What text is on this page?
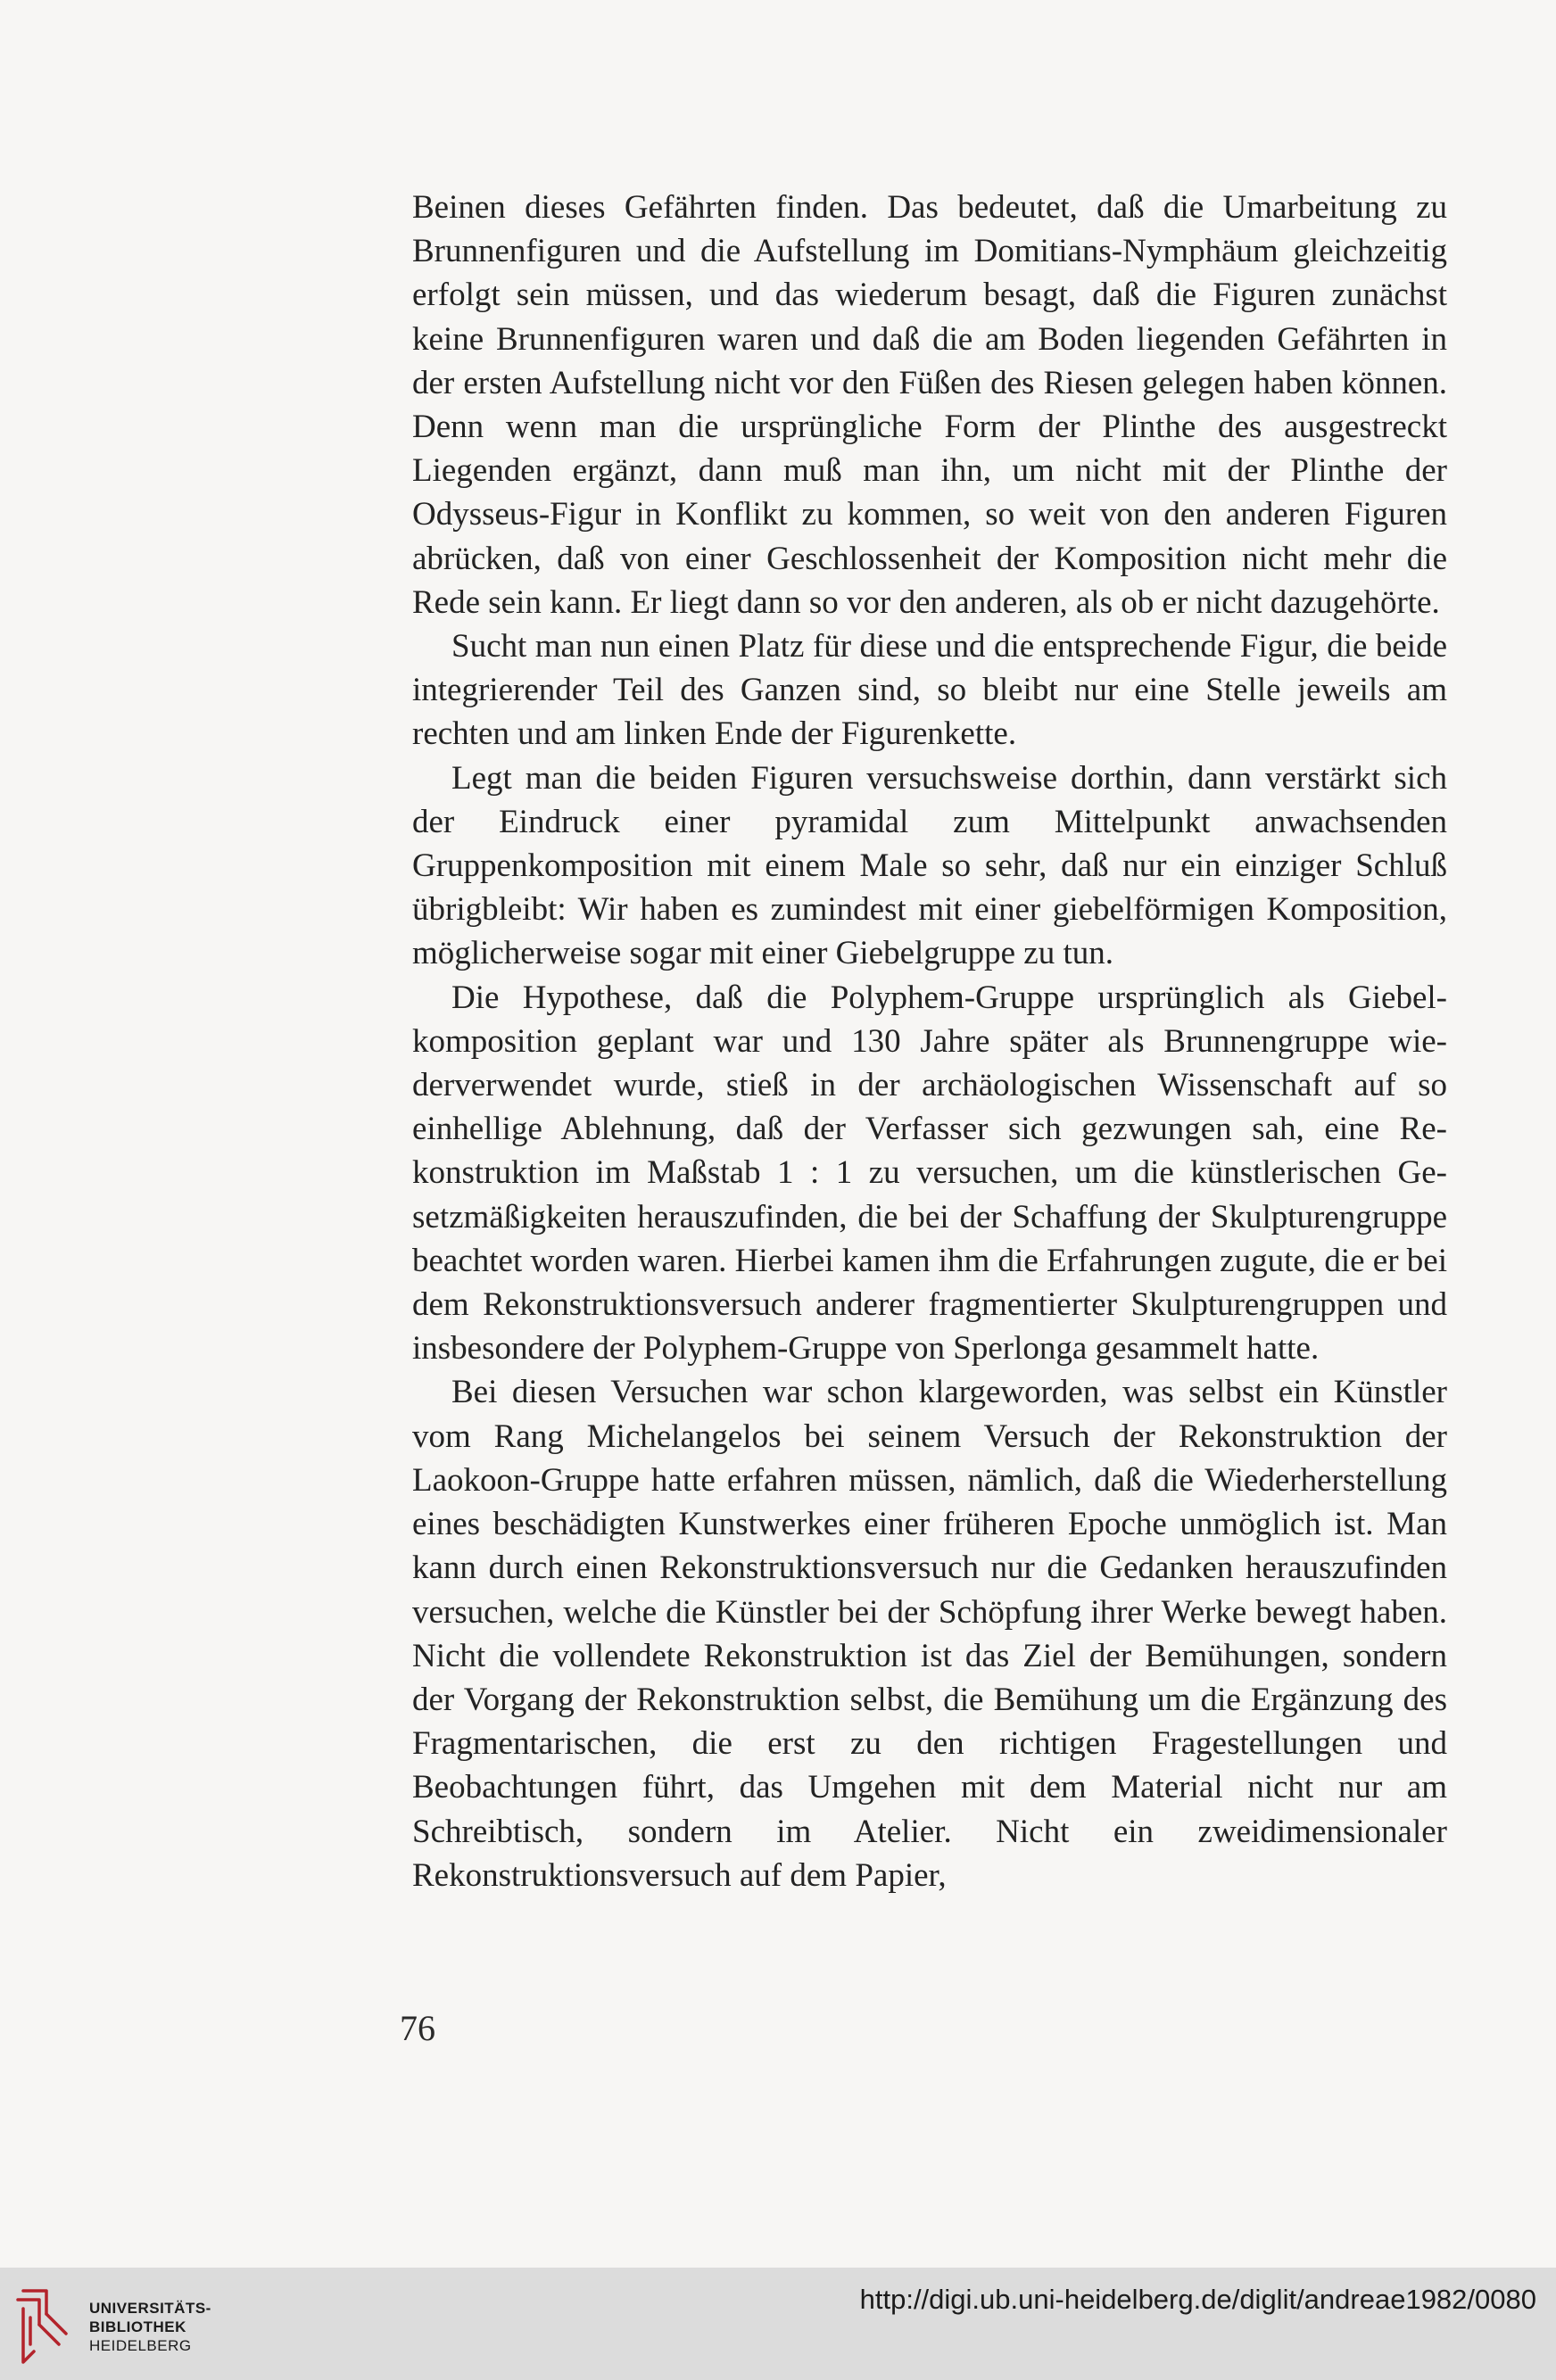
Beinen dieses Gefährten finden. Das bedeutet, daß die Umarbeitung zu Brunnenfiguren und die Aufstellung im Domitians-Nymphäum gleichzeitig erfolgt sein müssen, und das wiederum besagt, daß die Figuren zunächst keine Brunnenfiguren waren und daß die am Boden liegenden Gefährten in der ersten Aufstellung nicht vor den Füßen des Riesen gelegen haben können. Denn wenn man die ursprüngliche Form der Plinthe des ausgestreckt Liegenden ergänzt, dann muß man ihn, um nicht mit der Plinthe der Odysseus-Figur in Konflikt zu kommen, so weit von den anderen Figuren abrücken, daß von einer Geschlossenheit der Komposition nicht mehr die Rede sein kann. Er liegt dann so vor den anderen, als ob er nicht dazugehörte.

Sucht man nun einen Platz für diese und die entsprechende Figur, die beide integrierender Teil des Ganzen sind, so bleibt nur eine Stelle jeweils am rechten und am linken Ende der Figurenkette.

Legt man die beiden Figuren versuchsweise dorthin, dann verstärkt sich der Eindruck einer pyramidal zum Mittelpunkt anwachsenden Gruppenkomposition mit einem Male so sehr, daß nur ein einziger Schluß übrigbleibt: Wir haben es zumindest mit einer giebelförmigen Komposition, möglicherweise sogar mit einer Giebelgruppe zu tun.

Die Hypothese, daß die Polyphem-Gruppe ursprünglich als Giebelkomposition geplant war und 130 Jahre später als Brunnengruppe wiederverwendet wurde, stieß in der archäologischen Wissenschaft auf so einhellige Ablehnung, daß der Verfasser sich gezwungen sah, eine Rekonstruktion im Maßstab 1 : 1 zu versuchen, um die künstlerischen Gesetzmäßigkeiten herauszufinden, die bei der Schaffung der Skulpturengruppe beachtet worden waren. Hierbei kamen ihm die Erfahrungen zugute, die er bei dem Rekonstruktionsversuch anderer fragmentierter Skulpturengruppen und insbesondere der Polyphem-Gruppe von Sperlonga gesammelt hatte.

Bei diesen Versuchen war schon klargeworden, was selbst ein Künstler vom Rang Michelangelos bei seinem Versuch der Rekonstruktion der Laokoon-Gruppe hatte erfahren müssen, nämlich, daß die Wiederherstellung eines beschädigten Kunstwerkes einer früheren Epoche unmöglich ist. Man kann durch einen Rekonstruktionsversuch nur die Gedanken herauszufinden versuchen, welche die Künstler bei der Schöpfung ihrer Werke bewegt haben. Nicht die vollendete Rekonstruktion ist das Ziel der Bemühungen, sondern der Vorgang der Rekonstruktion selbst, die Bemühung um die Ergänzung des Fragmentarischen, die erst zu den richtigen Fragestellungen und Beobachtungen führt, das Umgehen mit dem Material nicht nur am Schreibtisch, sondern im Atelier. Nicht ein zweidimensionaler Rekonstruktionsversuch auf dem Papier,

76

UNIVERSITÄTS-
BIBLIOTHEK
HEIDELBERG
http://digi.ub.uni-heidelberg.de/diglit/andreae1982/0080
